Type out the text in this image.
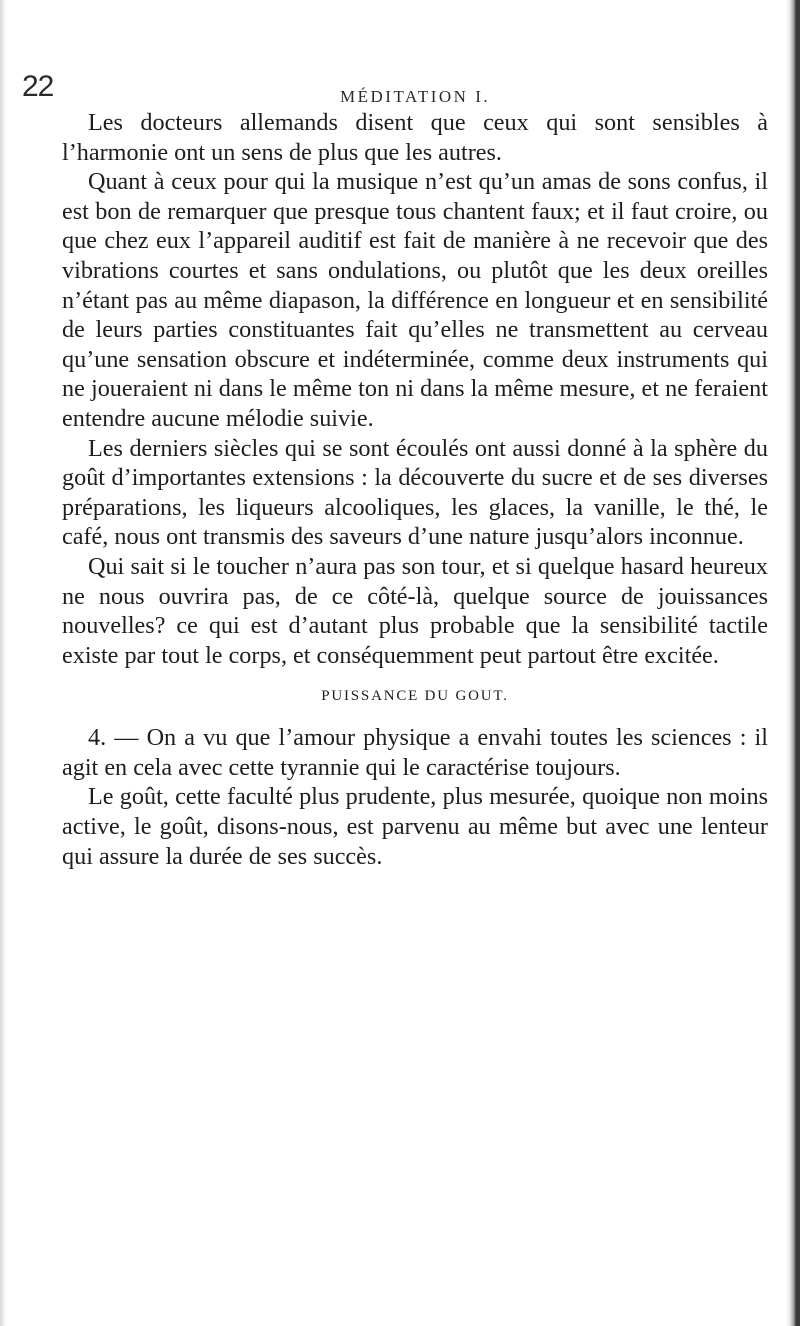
22	MÉDITATION I.

Les docteurs allemands disent que ceux qui sont sensibles à l’harmonie ont un sens de plus que les autres.

Quant à ceux pour qui la musique n’est qu’un amas de sons confus, il est bon de remarquer que presque tous chantent faux; et il faut croire, ou que chez eux l’appareil auditif est fait de manière à ne recevoir que des vibrations courtes et sans ondulations, ou plutôt que les deux oreilles n’étant pas au même diapason, la différence en longueur et en sensibilité de leurs parties constituantes fait qu’elles ne transmettent au cerveau qu’une sensation obscure et indéterminée, comme deux instruments qui ne joueraient ni dans le même ton ni dans la même mesure, et ne feraient entendre aucune mélodie suivie.

Les derniers siècles qui se sont écoulés ont aussi donné à la sphère du goût d’importantes extensions : la découverte du sucre et de ses diverses préparations, les liqueurs alcooliques, les glaces, la vanille, le thé, le café, nous ont transmis des saveurs d’une nature jusqu’alors inconnue.

Qui sait si le toucher n’aura pas son tour, et si quelque hasard heureux ne nous ouvrira pas, de ce côté-là, quelque source de jouissances nouvelles? ce qui est d’autant plus probable que la sensibilité tactile existe par tout le corps, et conséquemment peut partout être excitée.

PUISSANCE DU GOUT.

4. — On a vu que l’amour physique a envahi toutes les sciences : il agit en cela avec cette tyrannie qui le caractérise toujours.

Le goût, cette faculté plus prudente, plus mesurée, quoique non moins active, le goût, disons-nous, est parvenu au même but avec une lenteur qui assure la durée de ses succès.
